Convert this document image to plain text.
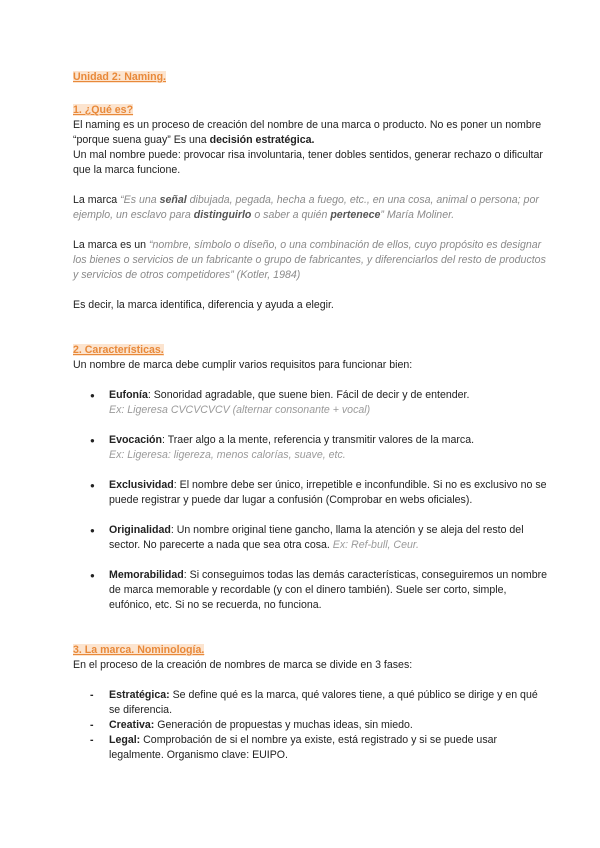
Unidad 2: Naming.
1. ¿Qué es?

El naming es un proceso de creación del nombre de una marca o producto. No es poner un nombre “porque suena guay” Es una decisión estratégica.

Un mal nombre puede: provocar risa involuntaria, tener dobles sentidos, generar rechazo o dificultar que la marca funcione.

La marca “Es una señal dibujada, pegada, hecha a fuego, etc., en una cosa, animal o persona; por ejemplo, un esclavo para distinguirlo o saber a quién pertenece” María Moliner.

La marca es un “nombre, símbolo o diseño, o una combinación de ellos, cuyo propósito es designar los bienes o servicios de un fabricante o grupo de fabricantes, y diferenciarlos del resto de productos y servicios de otros competidores” (Kotler, 1984)

Es decir, la marca identifica, diferencia y ayuda a elegir.

2. Características.

Un nombre de marca debe cumplir varios requisitos para funcionar bien:

● Eufonía: Sonoridad agradable, que suene bien. Fácil de decir y de entender.
Ex: Ligeresa CVCVCVCV (alternar consonante + vocal)
● Evocación: Traer algo a la mente, referencia y transmitir valores de la marca.
Ex: Ligeresa: ligereza, menos calorías, suave, etc.
● Exclusividad: El nombre debe ser único, irrepetible e inconfundible. Si no es exclusivo no se puede registrar y puede dar lugar a confusión (Comprobar en webs oficiales).
● Originalidad: Un nombre original tiene gancho, llama la atención y se aleja del resto del sector. No parecerte a nada que sea otra cosa. Ex: Ref-bull, Ceur.
● Memorabilidad: Si conseguimos todas las demás características, conseguiremos un nombre de marca memorable y recordable (y con el dinero también). Suele ser corto, simple, eufónico, etc. Si no se recuerda, no funciona.
3. La marca. Nominología.

En el proceso de la creación de nombres de marca se divide en 3 fases:

- Estratégica: Se define qué es la marca, qué valores tiene, a qué público se dirige y en qué se diferencia.
- Creativa: Generación de propuestas y muchas ideas, sin miedo.
- Legal: Comprobación de si el nombre ya existe, está registrado y si se puede usar legalmente. Organismo clave: EUIPO.
